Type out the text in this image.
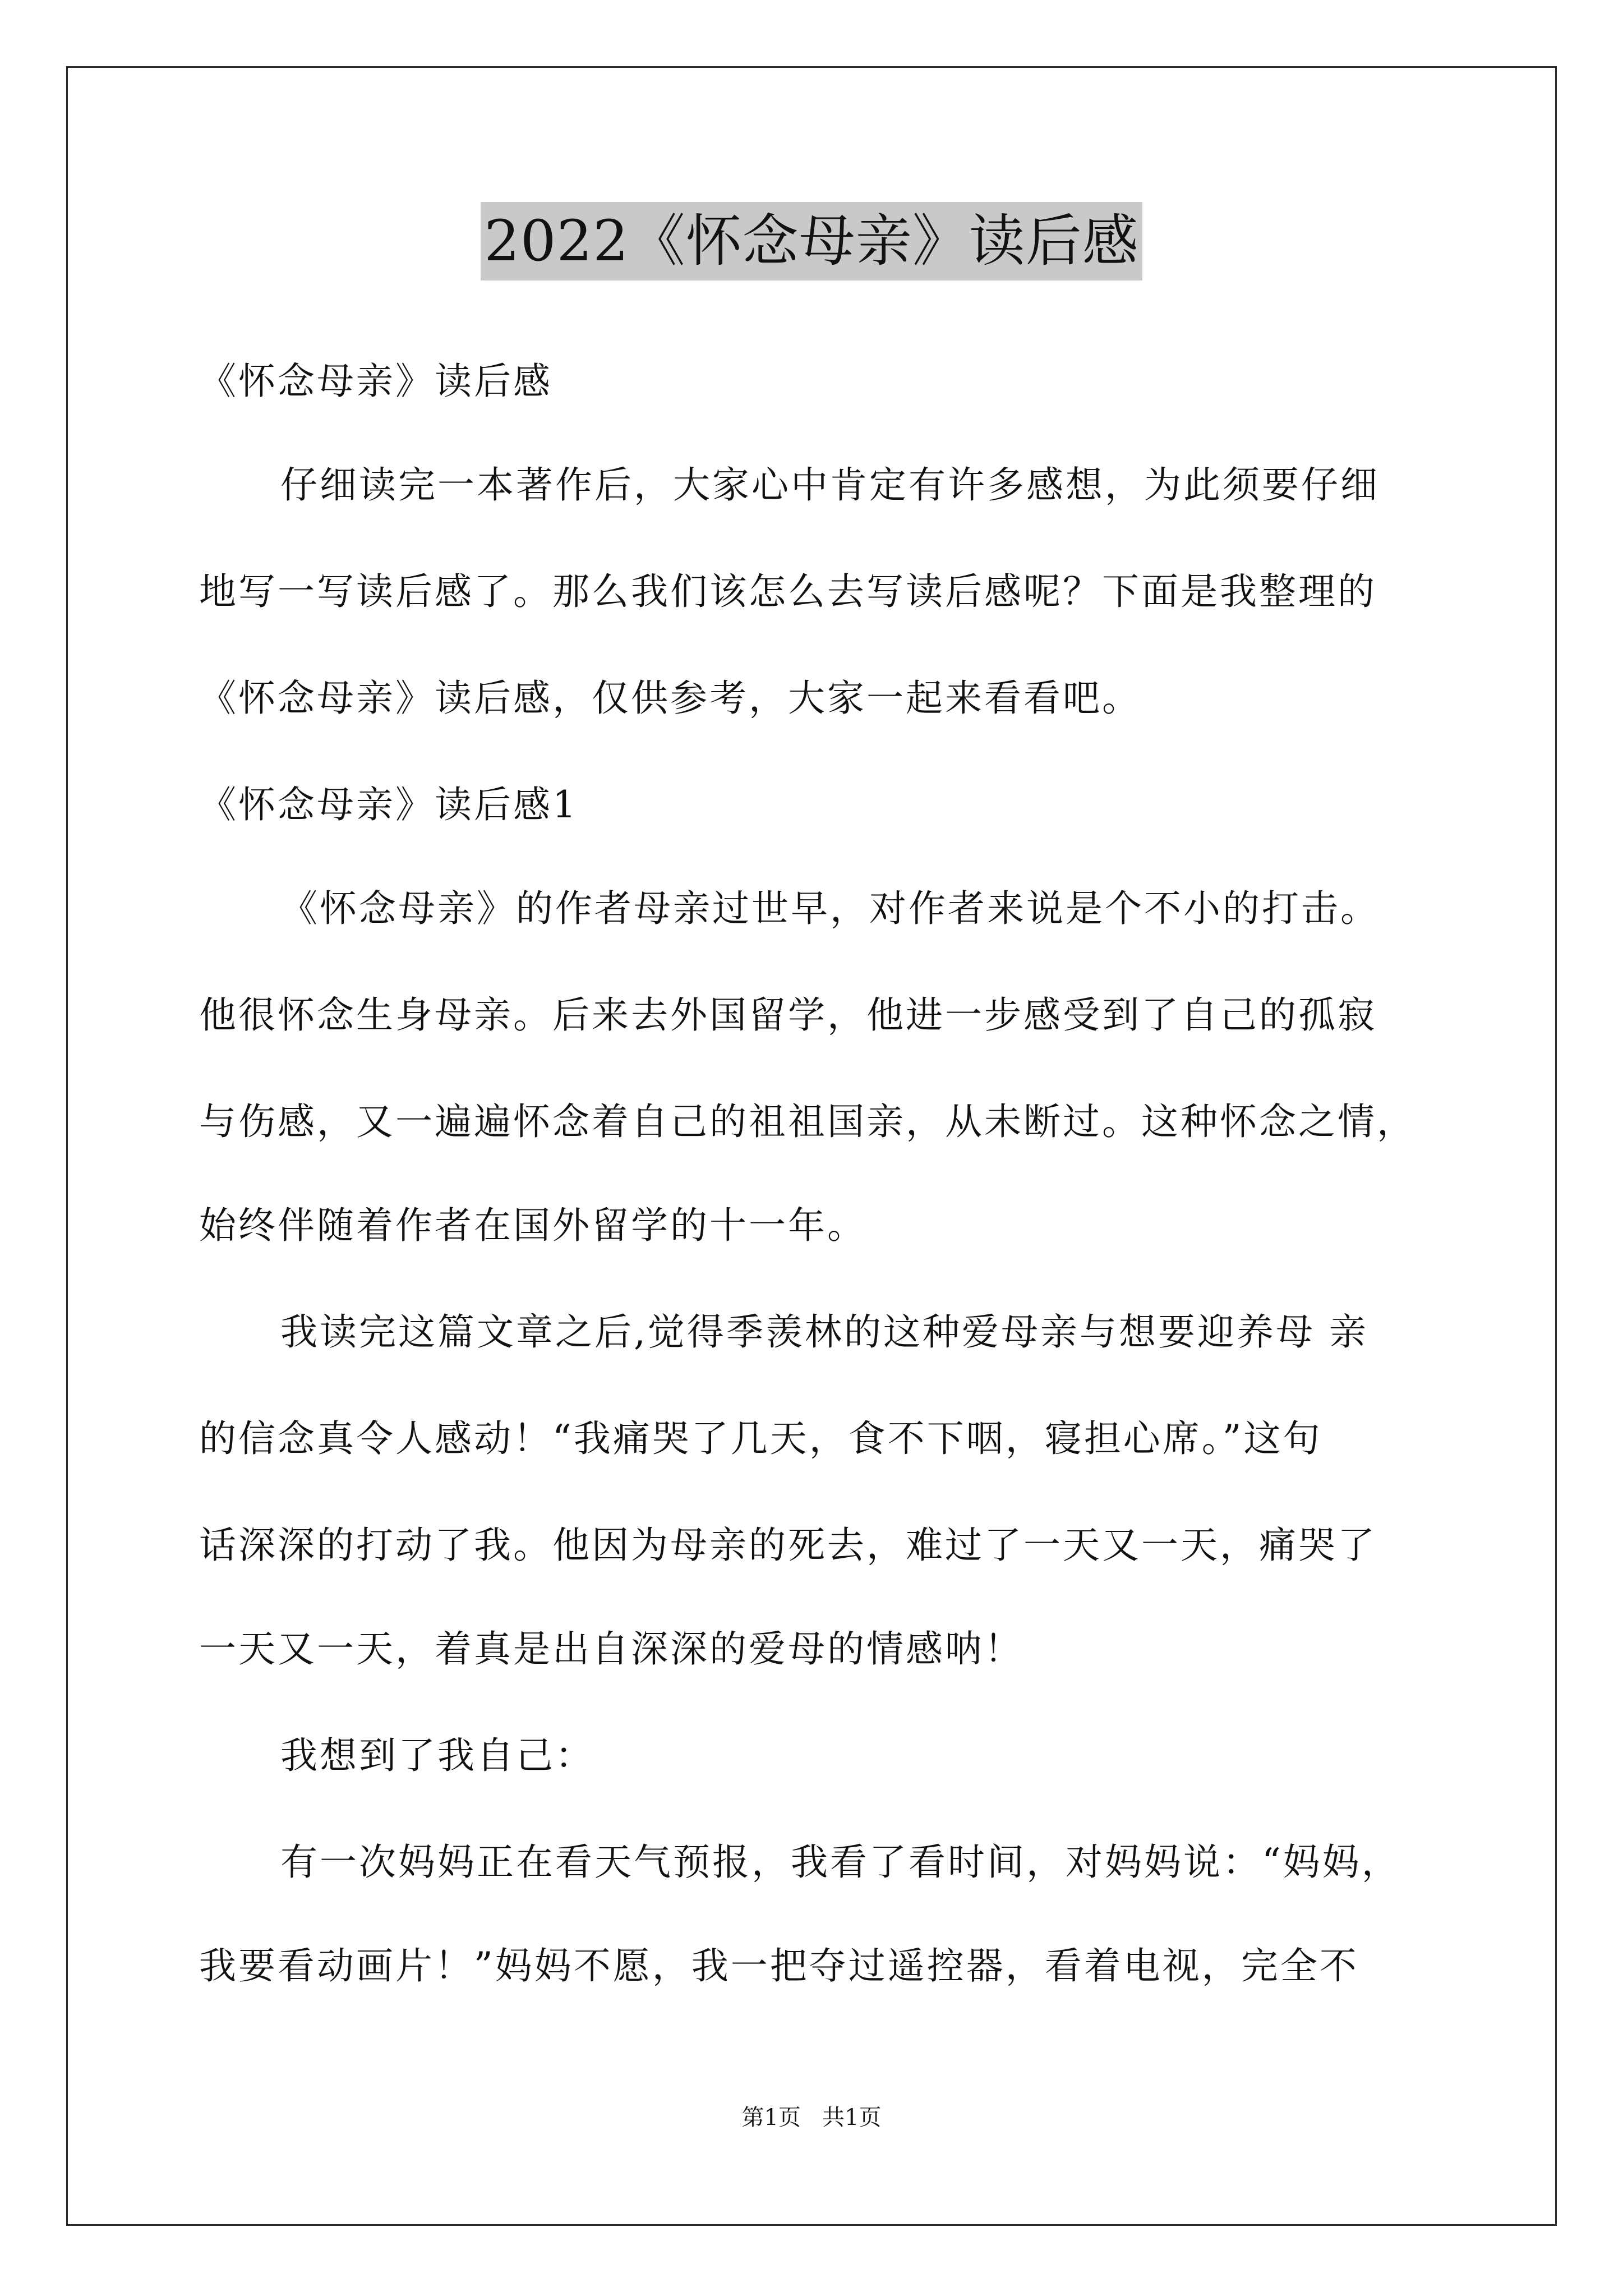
2022《怀念母亲》读后感
《怀念母亲》读后感
仔细读完一本著作后，大家心中肯定有许多感想，为此须要仔细
地写一写读后感了。那么我们该怎么去写读后感呢？下面是我整理的
《怀念母亲》读后感，仅供参考，大家一起来看看吧。
《怀念母亲》读后感1
《怀念母亲》的作者母亲过世早，对作者来说是个不小的打击。
他很怀念生身母亲。后来去外国留学，他进一步感受到了自己的孤寂
与伤感，又一遍遍怀念着自己的祖祖国亲，从未断过。这种怀念之情，
始终伴随着作者在国外留学的十一年。
我读完这篇文章之后,觉得季羡林的这种爱母亲与想要迎养母 亲
的信念真令人感动！“我痛哭了几天，食不下咽，寝担心席。”这句
话深深的打动了我。他因为母亲的死去，难过了一天又一天，痛哭了
一天又一天，着真是出自深深的爱母的情感呐！
我想到了我自己：
有一次妈妈正在看天气预报，我看了看时间，对妈妈说：“妈妈，
我要看动画片！”妈妈不愿，我一把夺过遥控器，看着电视，完全不
第1页   共1页
